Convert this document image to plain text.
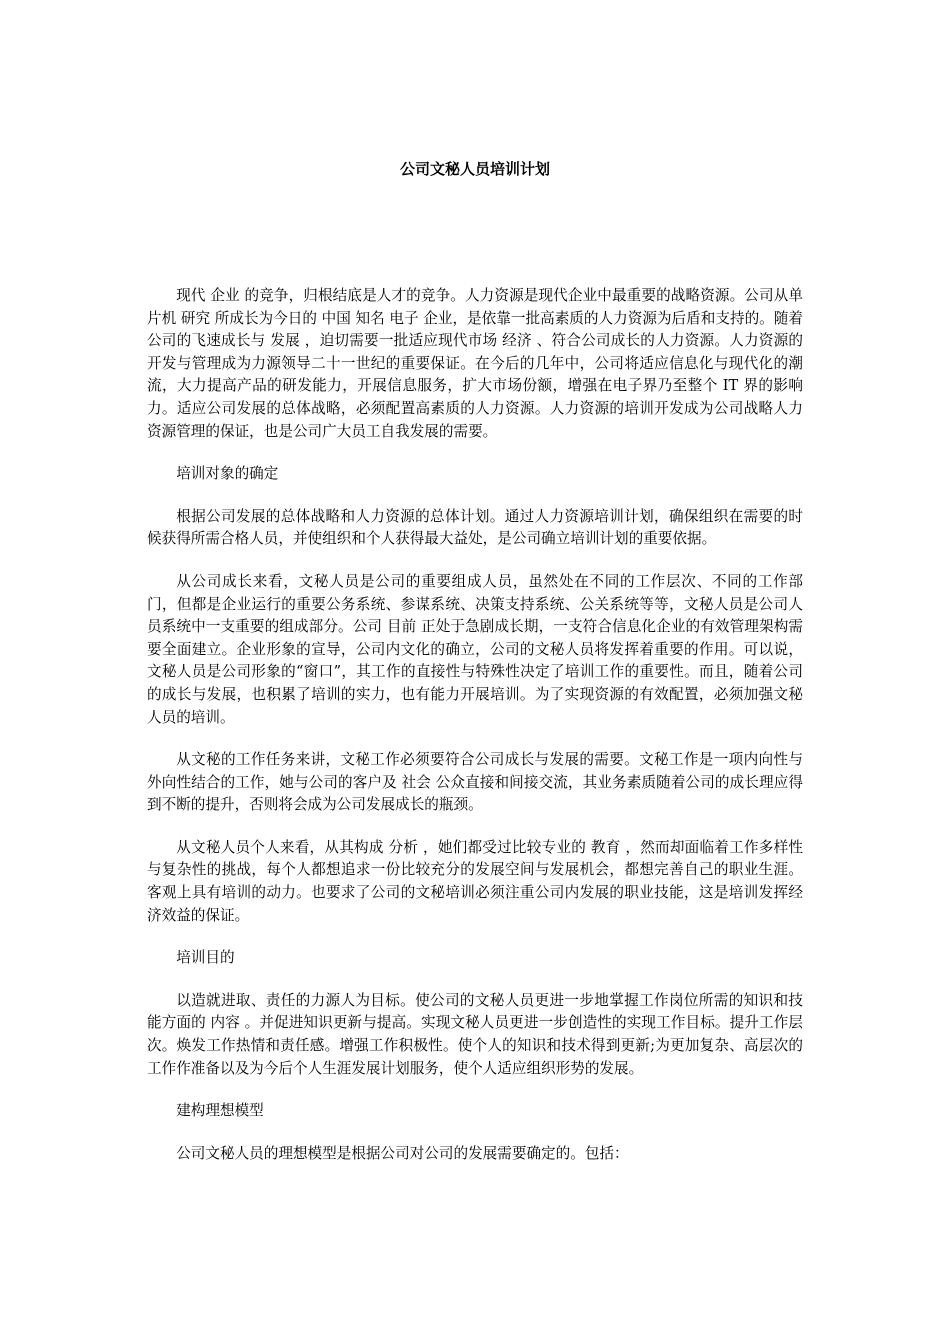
公司文秘人员培训计划

现代 企业 的竞争，归根结底是人才的竞争。人力资源是现代企业中最重要的战略资源。公司从单片机 研究 所成长为今日的 中国 知名 电子 企业，是依靠一批高素质的人力资源为后盾和支持的。随着公司的飞速成长与 发展 ，迫切需要一批适应现代市场 经济 、符合公司成长的人力资源。人力资源的开发与管理成为力源领导二十一世纪的重要保证。在今后的几年中，公司将适应信息化与现代化的潮流，大力提高产品的研发能力，开展信息服务，扩大市场份额，增强在电子界乃至整个 IT 界的影响 力。适应公司发展的总体战略，必须配置高素质的人力资源。人力资源的培训开发成为公司战略人力资源管理的保证，也是公司广大员工自我发展的需要。

培训对象的确定

根据公司发展的总体战略和人力资源的总体计划。通过人力资源培训计划，确保组织在需要的时候获得所需合格人员，并使组织和个人获得最大益处，是公司确立培训计划的重要依据。

从公司成长来看，文秘人员是公司的重要组成人员，虽然处在不同的工作层次、不同的工作部门，但都是企业运行的重要公务系统、参谋系统、决策支持系统、公关系统等等，文秘人员是公司人员系统中一支重要的组成部分。公司 目前 正处于急剧成长期，一支符合信息化企业的有效管理架构需要全面建立。企业形象的宣导，公司内文化的确立，公司的文秘人员将发挥着重要的作用。可以说，文秘人员是公司形象的“窗口”，其工作的直接性与特殊性决定了培训工作的重要性。而且，随着公司的成长与发展，也积累了培训的实力，也有能力开展培训。为了实现资源的有效配置，必须加强文秘人员的培训。

从文秘的工作任务来讲，文秘工作必须要符合公司成长与发展的需要。文秘工作是一项内向性与外向性结合的工作，她与公司的客户及 社会 公众直接和间接交流，其业务素质随着公司的成长理应得到不断的提升，否则将会成为公司发展成长的瓶颈。

从文秘人员个人来看，从其构成 分析 ，她们都受过比较专业的 教育 ，然而却面临着工作多样性与复杂性的挑战，每个人都想追求一份比较充分的发展空间与发展机会，都想完善自己的职业生涯。客观上具有培训的动力。也要求了公司的文秘培训必须注重公司内发展的职业技能，这是培训发挥经济效益的保证。

培训目的

以造就进取、责任的力源人为目标。使公司的文秘人员更进一步地掌握工作岗位所需的知识和技能方面的 内容 。并促进知识更新与提高。实现文秘人员更进一步创造性的实现工作目标。提升工作层次。焕发工作热情和责任感。增强工作积极性。使个人的知识和技术得到更新;为更加复杂、高层次的工作作准备以及为今后个人生涯发展计划服务，使个人适应组织形势的发展。

建构理想模型

公司文秘人员的理想模型是根据公司对公司的发展需要确定的。包括：
